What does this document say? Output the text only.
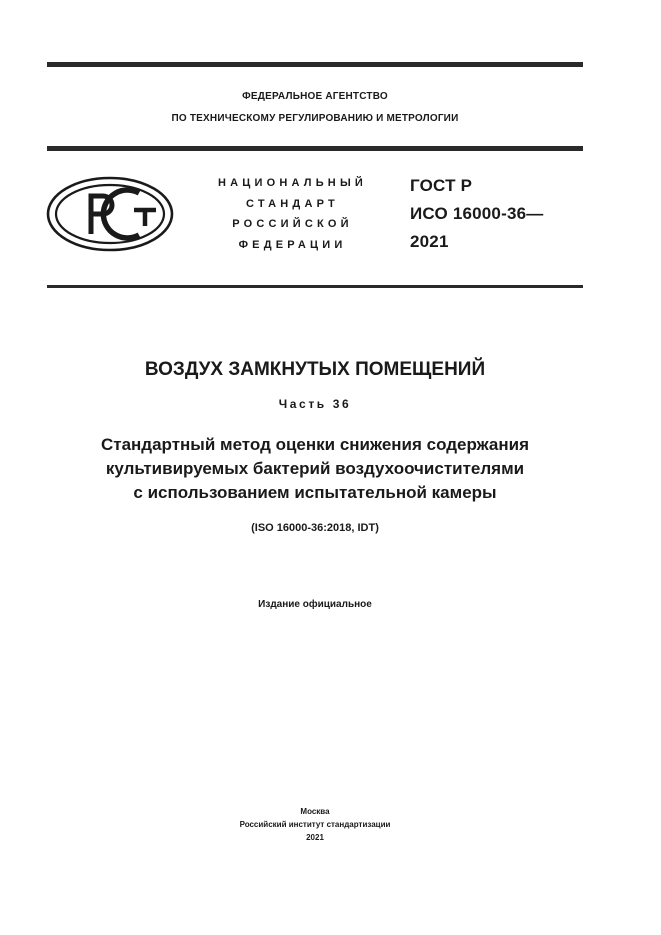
ФЕДЕРАЛЬНОЕ АГЕНТСТВО
ПО ТЕХНИЧЕСКОМУ РЕГУЛИРОВАНИЮ И МЕТРОЛОГИИ
НАЦИОНАЛЬНЫЙ
СТАНДАРТ
РОССИЙСКОЙ
ФЕДЕРАЦИИ
ГОСТ Р
ИСО 16000-36—
2021
ВОЗДУХ ЗАМКНУТЫХ ПОМЕЩЕНИЙ
Часть 36
Стандартный метод оценки снижения содержания
культивируемых бактерий воздухоочистителями
с использованием испытательной камеры
(ISO 16000-36:2018, IDT)
Издание официальное
Москва
Российский институт стандартизации
2021
